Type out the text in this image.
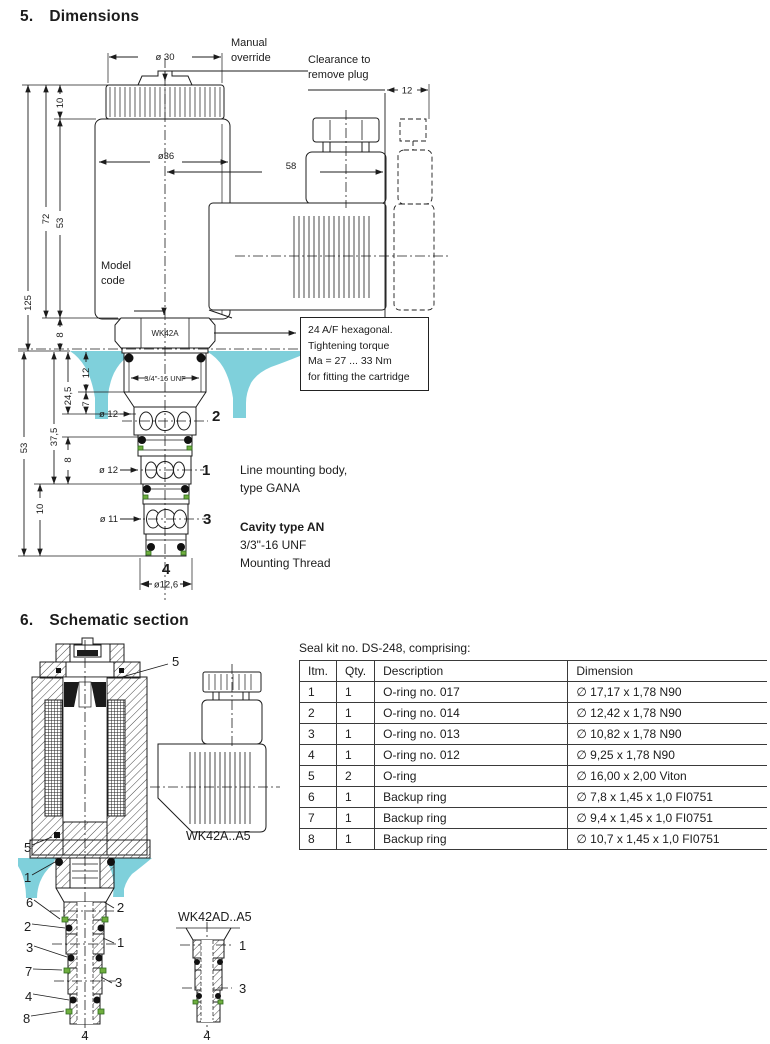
5. Dimensions
6. Schematic section
ø 30
ø36
58
12
125
72
10
53
8
53
10
37,5
24,5
8
12
7
3/4"-16 UNF
WK42A
ø 12
ø 12
ø 11
ø12,6
2
1
3
4
5
5
1
6
2
3
7
4
8
2
1
3
4
1
3
4
WK42A..A5
WK42AD..A5
Manual
override	Clearance to
remove plug
Model
code
24 A/F hexagonal.
Tightening torque
Ma = 27 ... 33 Nm
for fitting the cartridge
Line mounting body,
type GANA
Cavity type AN
3/3"-16 UNF
Mounting Thread
Seal kit no. DS-248, comprising:
Itm.	Qty.	Description	Dimension
1	1	O-ring no. 017	∅ 17,17 x 1,78 N90
2	1	O-ring no. 014	∅ 12,42 x 1,78 N90
3	1	O-ring no. 013	∅ 10,82 x 1,78 N90
4	1	O-ring no. 012	∅ 9,25 x 1,78 N90
5	2	O-ring	∅ 16,00 x 2,00 Viton
6	1	Backup ring	∅ 7,8 x 1,45 x 1,0 FI0751
7	1	Backup ring	∅ 9,4 x 1,45 x 1,0 FI0751
8	1	Backup ring	∅ 10,7 x 1,45 x 1,0 FI0751
